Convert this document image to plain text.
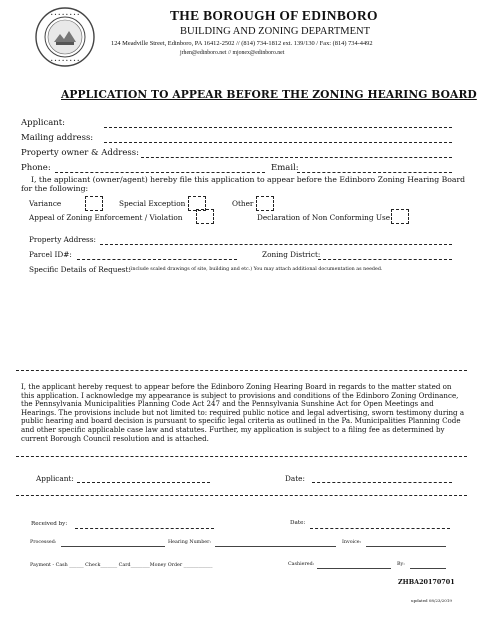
• • • • • • • •
• • • • • • • •
THE BOROUGH OF EDINBORO
BUILDING AND ZONING DEPARTMENT
124 Meadville Street, Edinboro, PA 16412-2502 // (814) 734-1812 ext. 139/130 / Fax: (814) 734-4492
jrhen@edinboro.net // mjonex@edinboro.net
APPLICATION TO APPEAR BEFORE THE ZONING HEARING BOARD
Applicant:
Mailing address:
Property owner & Address:
Phone:	Email:
I, the applicant (owner/agent) hereby file this application to appear before the Edinboro Zoning Hearing Board for the following:
Variance	Special Exception	Other
Appeal of Zoning Enforcement / Violation	Declaration of Non Conforming Use
Property Address:
Parcel ID#:	Zoning District:
Specific Details of Request:
(include scaled drawings of site, building and etc.) You may attach additional documentation as needed.
I, the applicant hereby request to appear before the Edinboro Zoning Hearing Board in regards to the matter stated on this application. I acknowledge my appearance is subject to provisions and conditions of the Edinboro Zoning Ordinance, the Pennsylvania Municipalities Planning Code Act 247 and the Pennsylvania Sunshine Act for Open Meetings and Hearings. The provisions include but not limited to: required public notice and legal advertising, sworn testimony during a public hearing and board decision is pursuant to specific legal criteria as outlined in the Pa. Municipalities Planning Code and other specific applicable case law and statutes. Further, my application is subject to a filing fee as determined by current Borough Council resolution and is attached.
Applicant:	Date:
Received by:	Date:
Processed:	Hearing Number:	Invoice:
Payment - Cash ______ Check_______ Card________Money Order ____________	Cashiered:	By:
ZHBA20170701
updated 08/23/2019
